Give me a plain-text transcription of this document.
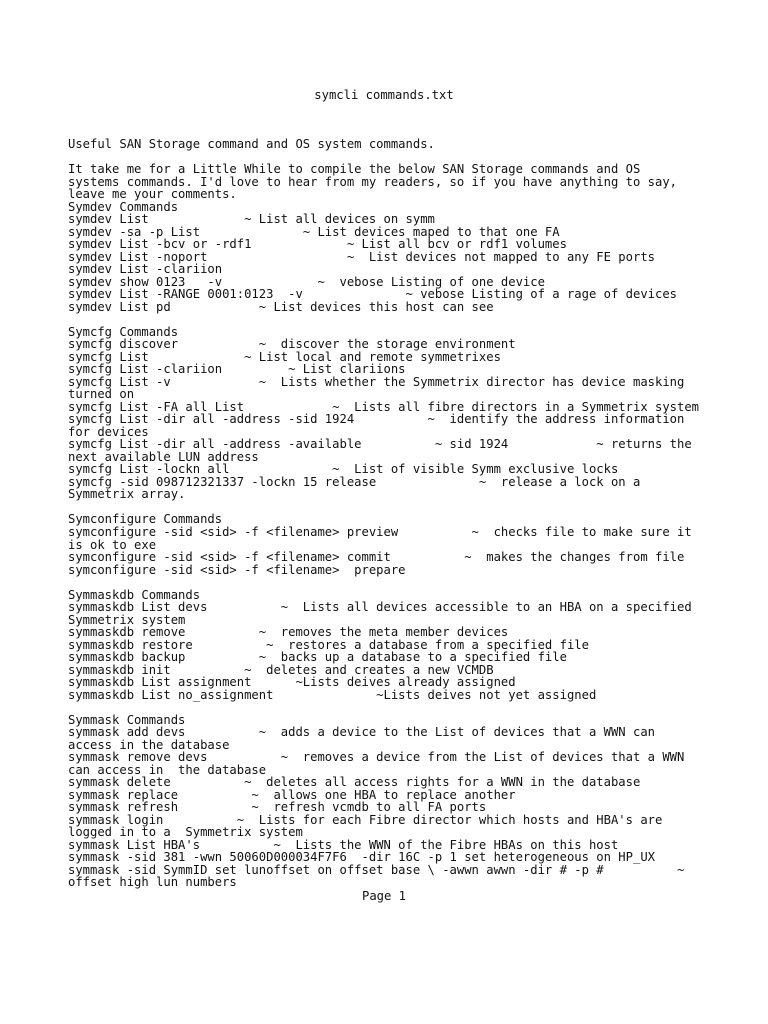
symcli commands.txt
Useful SAN Storage command and OS system commands.
It take me for a Little While to compile the below SAN Storage commands and OS
systems commands. I'd love to hear from my readers, so if you have anything to say,
leave me your comments.
Symdev Commands
symdev List             ~ List all devices on symm
symdev -sa -p List              ~ List devices maped to that one FA
symdev List -bcv or -rdf1             ~ List all bcv or rdf1 volumes
symdev List -noport                   ~  List devices not mapped to any FE ports
symdev List -clariion
symdev show 0123   -v             ~  vebose Listing of one device
symdev List -RANGE 0001:0123  -v              ~ vebose Listing of a rage of devices
symdev List pd            ~ List devices this host can see
Symcfg Commands
symcfg discover           ~  discover the storage environment
symcfg List             ~ List local and remote symmetrixes
symcfg List -clariion         ~ List clariions
symcfg List -v            ~  Lists whether the Symmetrix director has device masking
turned on
symcfg List -FA all List            ~  Lists all fibre directors in a Symmetrix system
symcfg List -dir all -address -sid 1924          ~  identify the address information
for devices
symcfg List -dir all -address -available          ~ sid 1924            ~ returns the
next available LUN address
symcfg List -lockn all              ~  List of visible Symm exclusive locks
symcfg -sid 098712321337 -lockn 15 release              ~  release a lock on a
Symmetrix array.
Symconfigure Commands
symconfigure -sid <sid> -f <filename> preview          ~  checks file to make sure it
is ok to exe
symconfigure -sid <sid> -f <filename> commit          ~  makes the changes from file
symconfigure -sid <sid> -f <filename>  prepare
Symmaskdb Commands
symmaskdb List devs          ~  Lists all devices accessible to an HBA on a specified
Symmetrix system
symmaskdb remove          ~  removes the meta member devices
symmaskdb restore          ~  restores a database from a specified file
symmaskdb backup          ~  backs up a database to a specified file
symmaskdb init          ~  deletes and creates a new VCMDB
symmaskdb List assignment      ~Lists deives already assigned
symmaskdb List no_assignment              ~Lists deives not yet assigned
Symmask Commands
symmask add devs          ~  adds a device to the List of devices that a WWN can
access in the database
symmask remove devs          ~  removes a device from the List of devices that a WWN
can access in  the database
symmask delete          ~  deletes all access rights for a WWN in the database
symmask replace          ~  allows one HBA to replace another
symmask refresh          ~  refresh vcmdb to all FA ports
symmask login          ~  Lists for each Fibre director which hosts and HBA's are
logged in to a  Symmetrix system
symmask List HBA's          ~  Lists the WWN of the Fibre HBAs on this host
symmask -sid 381 -wwn 50060D000034F7F6  -dir 16C -p 1 set heterogeneous on HP_UX
symmask -sid SymmID set lunoffset on offset base \ -awwn awwn -dir # -p #          ~
offset high lun numbers
Page 1
